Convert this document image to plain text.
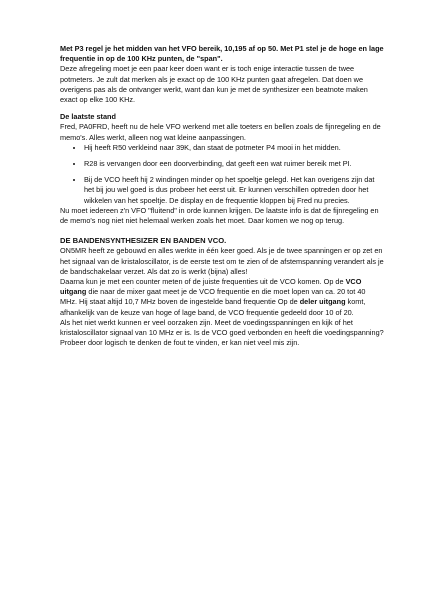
Met P3 regel je het midden van het VFO bereik, 10,195 af op 50. Met P1 stel je de hoge en lage frequentie in op de 100 KHz punten, de "span".

Deze afregeling moet je een paar keer doen want er is toch enige interactie tussen de twee potmeters. Je zult dat merken als je exact op de 100 KHz punten gaat afregelen. Dat doen we overigens pas als de ontvanger werkt, want dan kun je met de synthesizer een beatnote maken exact op elke 100 KHz.

De laatste stand

Fred, PA0FRD, heeft nu de hele VFO werkend met alle toeters en bellen zoals de fijnregeling en de memo's. Alles werkt, alleen nog wat kleine aanpassingen.

• Hij heeft R50 verkleind naar 39K, dan staat de potmeter P4 mooi in het midden.
• R28 is vervangen door een doorverbinding, dat geeft een wat ruimer bereik met PI.
• Bij de VCO heeft hij 2 windingen minder op het spoeltje gelegd. Het kan overigens zijn dat het bij jou wel goed is dus probeer het eerst uit. Er kunnen verschillen optreden door het wikkelen van het spoeltje. De display en de frequentie kloppen bij Fred nu precies.

Nu moet iedereen z'n VFO "fluitend" in orde kunnen krijgen. De laatste info is dat de fijnregeling en de memo's nog niet niet helemaal werken zoals het moet. Daar komen we nog op terug.

DE BANDENSYNTHESIZER EN BANDEN VCO.

ON5MR heeft ze gebouwd en alles werkte in één keer goed. Als je de twee spanningen er op zet en het signaal van de kristaloscillator, is de eerste test om te zien of de afstemspanning verandert als je de bandschakelaar verzet. Als dat zo is werkt (bijna) alles!

Daarna kun je met een counter meten of de juiste frequenties uit de VCO komen. Op de VCO uitgang die naar de mixer gaat meet je de VCO frequentie en die moet lopen van ca. 20 tot 40 MHz. Hij staat altijd 10,7 MHz boven de ingestelde band frequentie Op de deler uitgang komt, afhankelijk van de keuze van hoge of lage band, de VCO frequentie gedeeld door 10 of 20.

Als het niet werkt kunnen er veel oorzaken zijn. Meet de voedingsspanningen en kijk of het kristaloscillator signaal van 10 MHz er is. Is de VCO goed verbonden en heeft die voedingspanning? Probeer door logisch te denken de fout te vinden, er kan niet veel mis zijn.
